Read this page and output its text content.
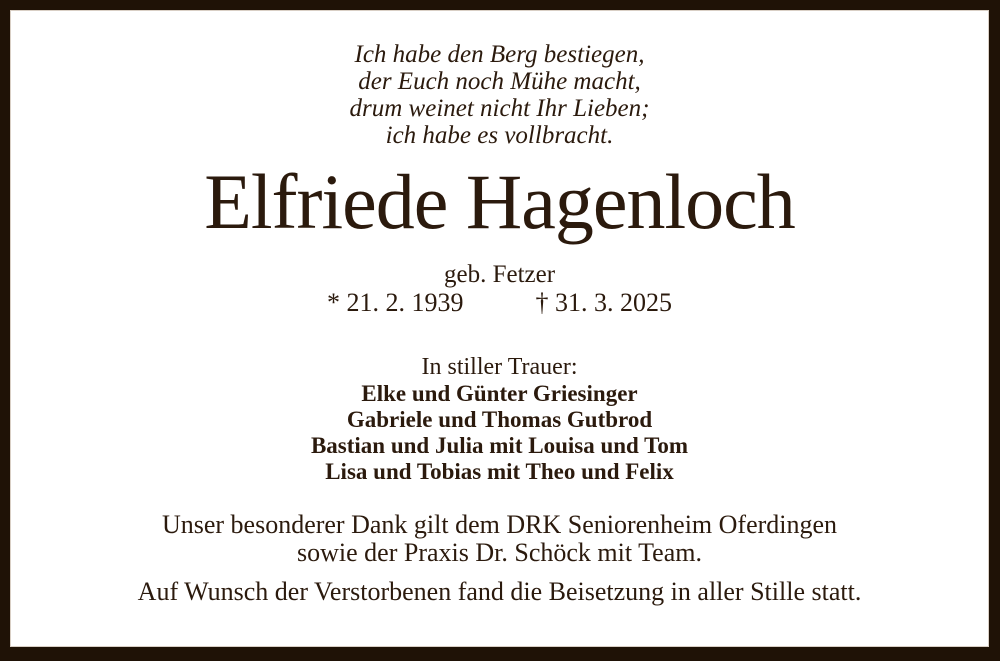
Ich habe den Berg bestiegen,
der Euch noch Mühe macht,
drum weinet nicht Ihr Lieben;
ich habe es vollbracht.
Elfriede Hagenloch
geb. Fetzer
* 21. 2. 1939	† 31. 3. 2025
In stiller Trauer:
Elke und Günter Griesinger
Gabriele und Thomas Gutbrod
Bastian und Julia mit Louisa und Tom
Lisa und Tobias mit Theo und Felix
Unser besonderer Dank gilt dem DRK Seniorenheim Oferdingen
sowie der Praxis Dr. Schöck mit Team.
Auf Wunsch der Verstorbenen fand die Beisetzung in aller Stille statt.
